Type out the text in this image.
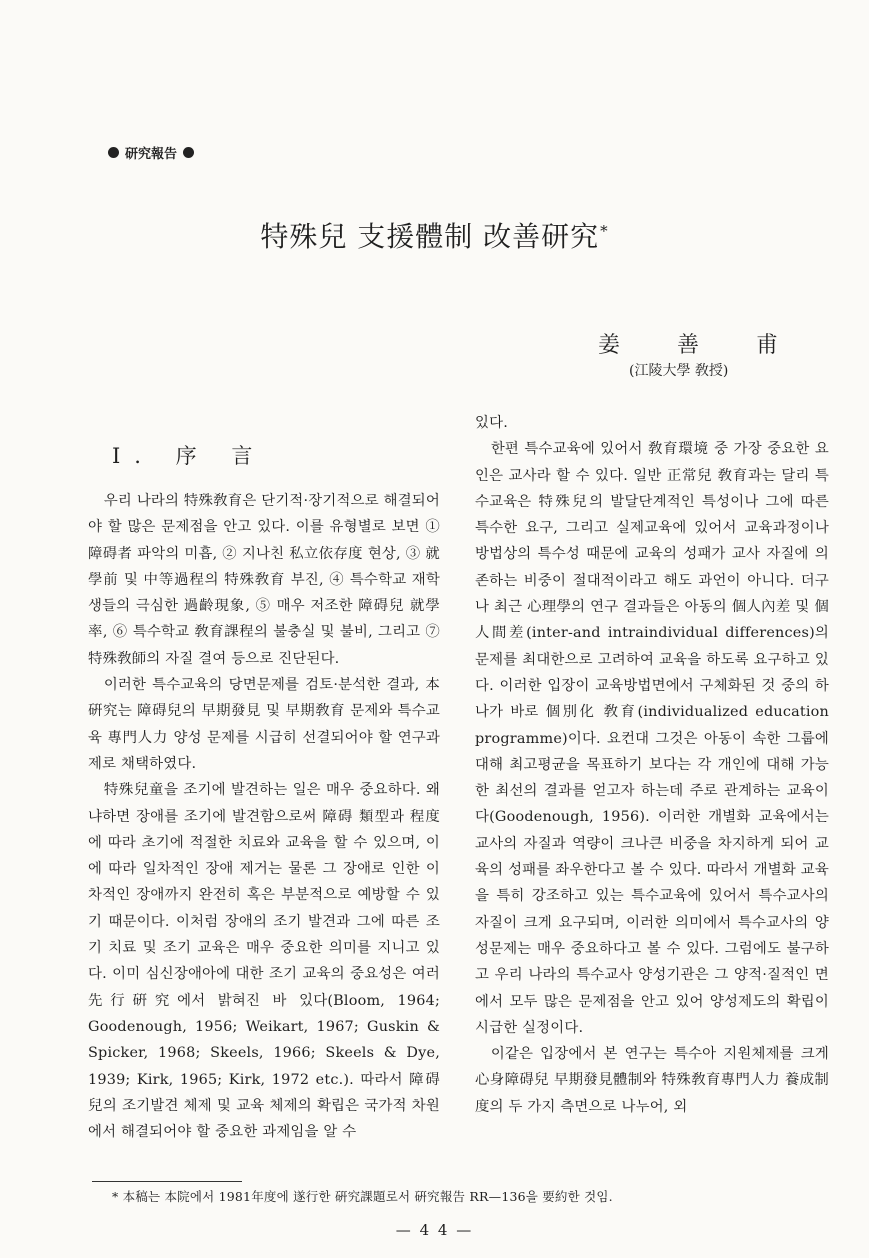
研究報告
特殊兒 支援體制 改善研究*
姜	善	甫
(江陵大學 敎授)
Ⅰ. 序 言

우리 나라의 特殊敎育은 단기적·장기적으로 해결되어야 할 많은 문제점을 안고 있다. 이를 유형별로 보면 ① 障碍者 파악의 미흡, ② 지나친 私立依存度 현상, ③ 就學前 및 中等過程의 特殊敎育 부진, ④ 특수학교 재학생들의 극심한 過齡現象, ⑤ 매우 저조한 障碍兒 就學率, ⑥ 특수학교 敎育課程의 불충실 및 불비, 그리고 ⑦ 特殊敎師의 자질 결여 등으로 진단된다.

이러한 특수교육의 당면문제를 검토·분석한 결과, 本 硏究는 障碍兒의 早期發見 및 早期敎育 문제와 특수교육 專門人力 양성 문제를 시급히 선결되어야 할 연구과제로 채택하였다.

特殊兒童을 조기에 발견하는 일은 매우 중요하다. 왜냐하면 장애를 조기에 발견함으로써 障碍 類型과 程度에 따라 초기에 적절한 치료와 교육을 할 수 있으며, 이에 따라 일차적인 장애 제거는 물론 그 장애로 인한 이차적인 장애까지 완전히 혹은 부분적으로 예방할 수 있기 때문이다. 이처럼 장애의 조기 발견과 그에 따른 조기 치료 및 조기 교육은 매우 중요한 의미를 지니고 있다. 이미 심신장애아에 대한 조기 교육의 중요성은 여러 先行硏究에서 밝혀진 바 있다(Bloom, 1964; Goodenough, 1956; Weikart, 1967; Guskin & Spicker, 1968; Skeels, 1966; Skeels & Dye, 1939; Kirk, 1965; Kirk, 1972 etc.). 따라서 障碍兒의 조기발견 체제 및 교육 체제의 확립은 국가적 차원에서 해결되어야 할 중요한 과제임을 알 수

있다.

한편 특수교육에 있어서 敎育環境 중 가장 중요한 요인은 교사라 할 수 있다. 일반 正常兒 敎育과는 달리 특수교육은 特殊兒의 발달단계적인 특성이나 그에 따른 특수한 요구, 그리고 실제교육에 있어서 교육과정이나 방법상의 특수성 때문에 교육의 성패가 교사 자질에 의존하는 비중이 절대적이라고 해도 과언이 아니다. 더구나 최근 心理學의 연구 결과들은 아동의 個人內差 및 個人間差(inter-and intraindividual differences)의 문제를 최대한으로 고려하여 교육을 하도록 요구하고 있다. 이러한 입장이 교육방법면에서 구체화된 것 중의 하나가 바로 個別化 敎育(individualized education programme)이다. 요컨대 그것은 아동이 속한 그룹에 대해 최고평균을 목표하기 보다는 각 개인에 대해 가능한 최선의 결과를 얻고자 하는데 주로 관계하는 교육이다(Goodenough, 1956). 이러한 개별화 교육에서는 교사의 자질과 역량이 크나큰 비중을 차지하게 되어 교육의 성패를 좌우한다고 볼 수 있다. 따라서 개별화 교육을 특히 강조하고 있는 특수교육에 있어서 특수교사의 자질이 크게 요구되며, 이러한 의미에서 특수교사의 양성문제는 매우 중요하다고 볼 수 있다. 그럼에도 불구하고 우리 나라의 특수교사 양성기관은 그 양적·질적인 면에서 모두 많은 문제점을 안고 있어 양성제도의 확립이 시급한 실정이다.

이같은 입장에서 본 연구는 특수아 지원체제를 크게 心身障碍兒 早期發見體制와 特殊敎育專門人力 養成制度의 두 가지 측면으로 나누어, 외

* 本稿는 本院에서 1981年度에 遂行한 硏究課題로서 硏究報告 RR—136을 要約한 것임.
— 4 4 —
